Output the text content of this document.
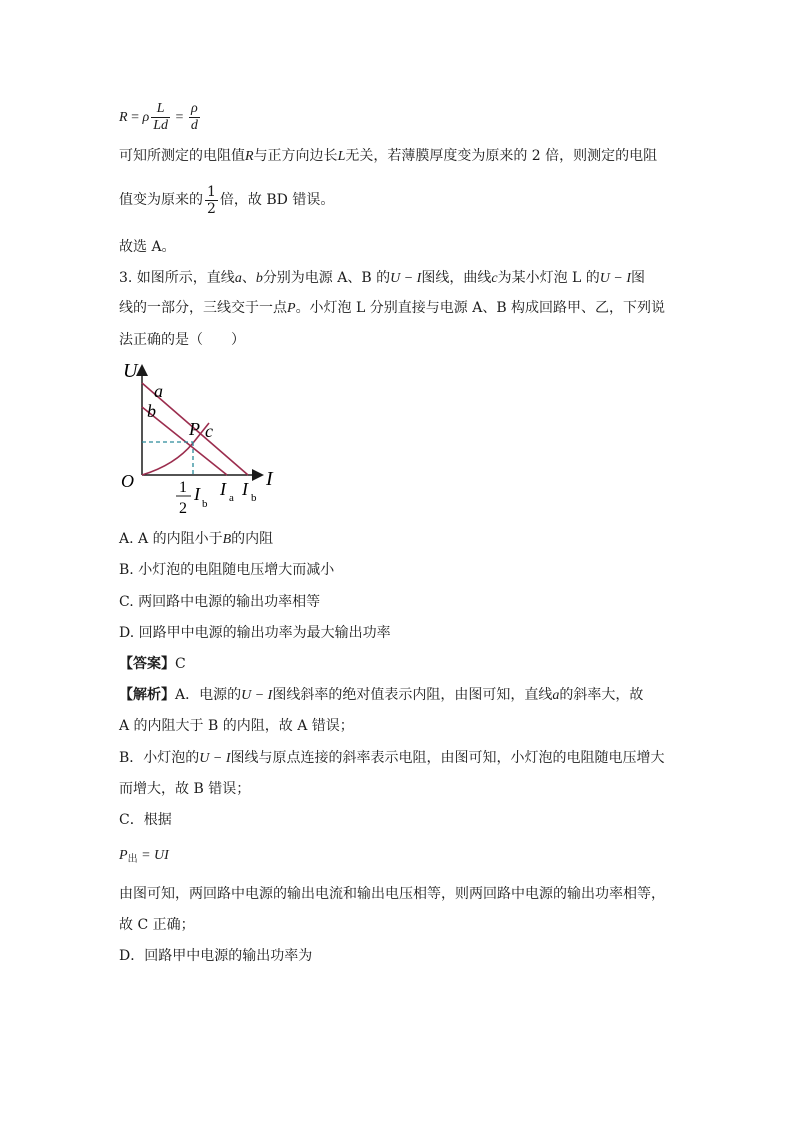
R = ρ $\frac{L}{Ld} = \frac{\rho}{d}$
可知所测定的电阻值R与正方向边长L无关，若薄膜厚度变为原来的 2 倍，则测定的电阻
值变为原来的 $\frac{1}{2}$ 倍，故 BD 错误。
故选 A。
3. 如图所示，直线a、b分别为电源 A、B 的U − I图线，曲线c为某小灯泡 L 的U − I图
线的一部分，三线交于一点P。小灯泡 L 分别直接与电源 A、B 构成回路甲、乙，下列说
法正确的是（　　）
U
a
b
P c
O	I
1
2
I b
I a I b
A. A 的内阻小于B的内阻
B. 小灯泡的电阻随电压增大而减小
C. 两回路中电源的输出功率相等
D. 回路甲中电源的输出功率为最大输出功率
【答案】C
【解析】A．电源的U − I图线斜率的绝对值表示内阻，由图可知，直线a的斜率大，故
A 的内阻大于 B 的内阻，故 A 错误；
B．小灯泡的U − I图线与原点连接的斜率表示电阻，由图可知，小灯泡的电阻随电压增大
而增大，故 B 错误；
C．根据
$P_出$ = UI
由图可知，两回路中电源的输出电流和输出电压相等，则两回路中电源的输出功率相等，
故 C 正确；
D．回路甲中电源的输出功率为
